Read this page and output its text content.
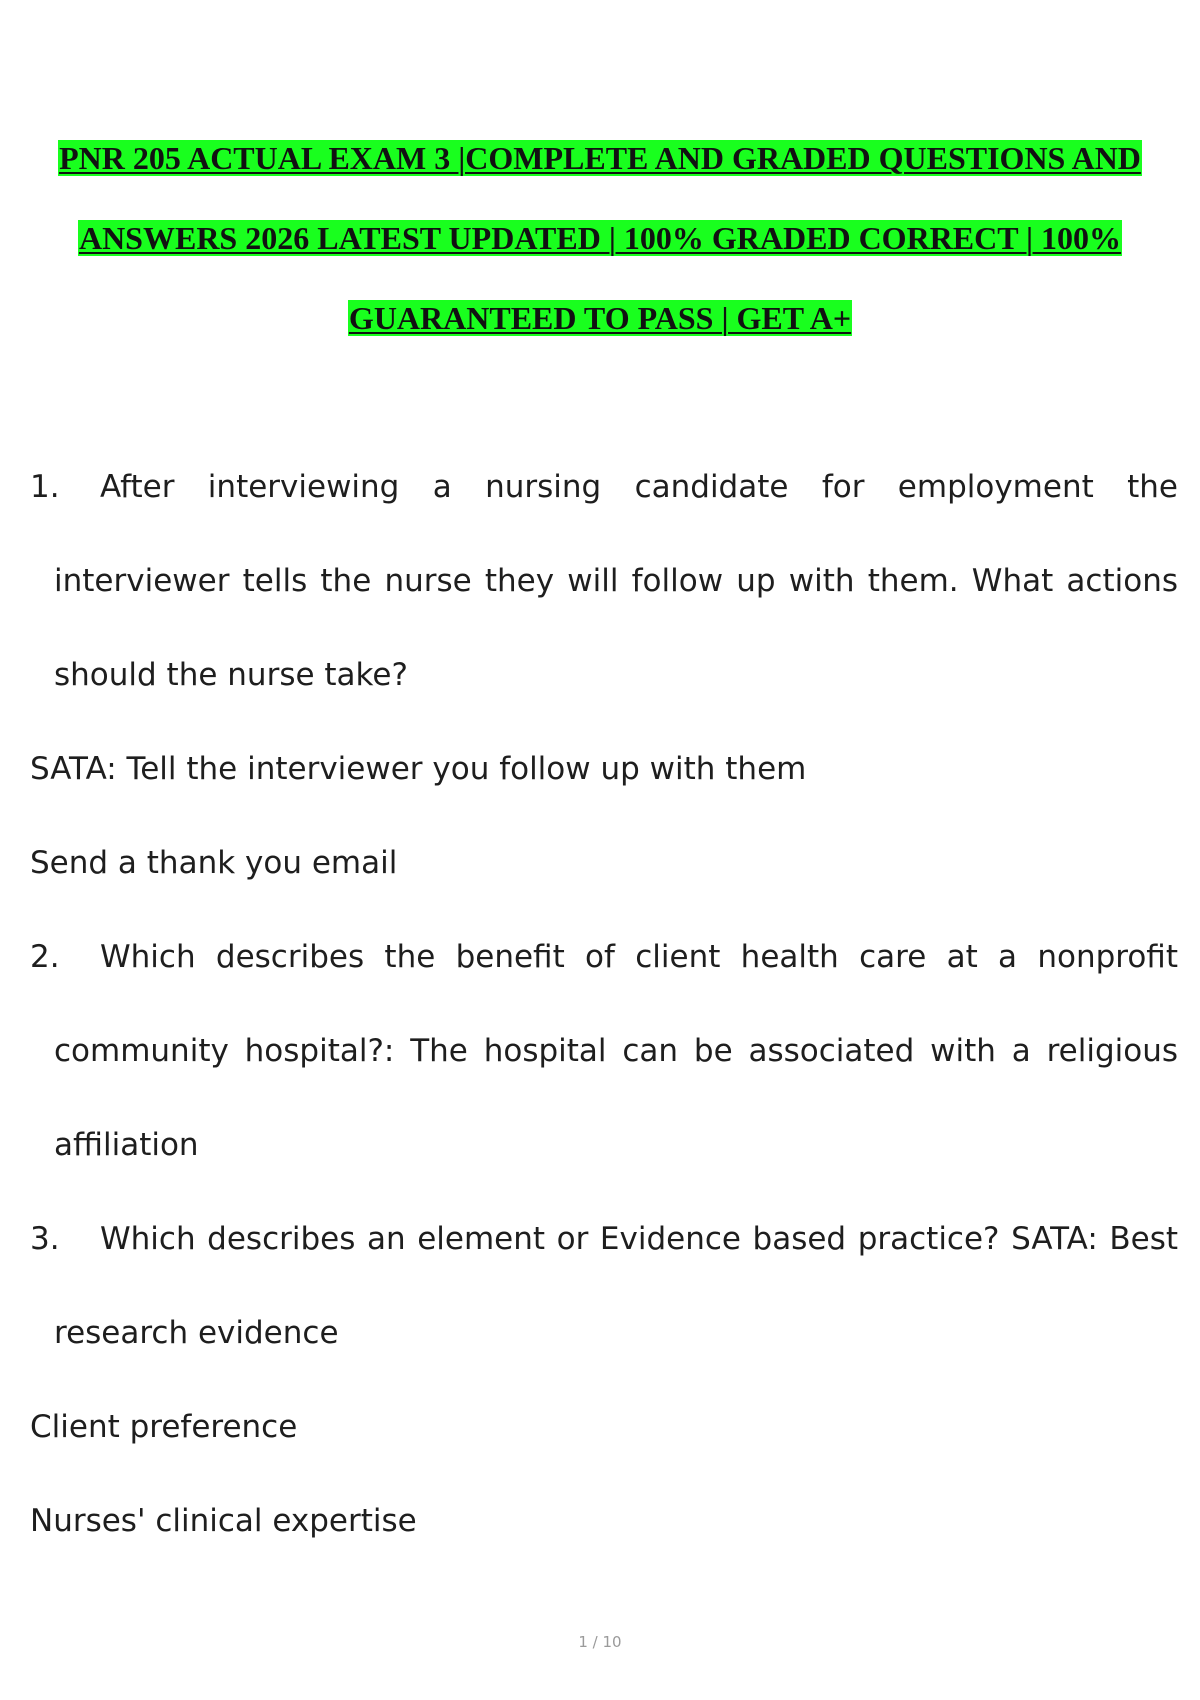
PNR 205 ACTUAL EXAM 3 |COMPLETE AND GRADED QUESTIONS AND
ANSWERS 2026 LATEST UPDATED | 100% GRADED CORRECT | 100%
GUARANTEED TO PASS | GET A+
1.	After interviewing a nursing candidate for employment the interviewer tells the nurse they will follow up with them. What actions should the nurse take?
SATA: Tell the interviewer you follow up with them
Send a thank you email
2.	Which describes the benefit of client health care at a nonprofit community hospital?: The hospital can be associated with a religious affiliation
3.	Which describes an element or Evidence based practice? SATA: Best research evidence
Client preference
Nurses' clinical expertise
1 / 10
